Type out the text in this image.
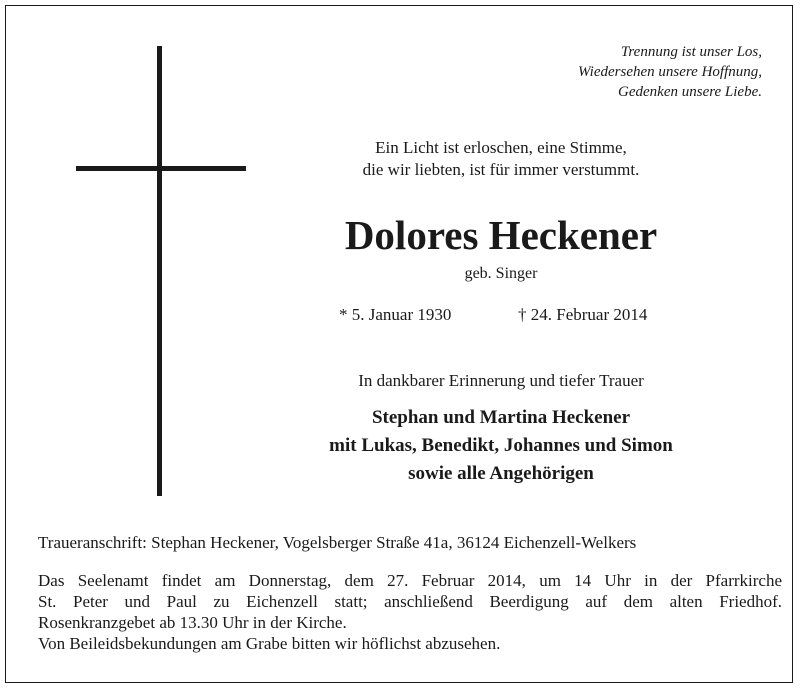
Trennung ist unser Los,
Wiedersehen unsere Hoffnung,
Gedenken unsere Liebe.
Ein Licht ist erloschen, eine Stimme,
die wir liebten, ist für immer verstummt.
Dolores Heckener
geb. Singer
* 5. Januar 1930	† 24. Februar 2014
In dankbarer Erinnerung und tiefer Trauer
Stephan und Martina Heckener
mit Lukas, Benedikt, Johannes und Simon
sowie alle Angehörigen
Traueranschrift: Stephan Heckener, Vogelsberger Straße 41a, 36124 Eichenzell-Welkers
Das Seelenamt findet am Donnerstag, dem 27. Februar 2014, um 14 Uhr in der Pfarrkirche
St. Peter und Paul zu Eichenzell statt; anschließend Beerdigung auf dem alten Friedhof.
Rosenkranzgebet ab 13.30 Uhr in der Kirche.
Von Beileidsbekundungen am Grabe bitten wir höflichst abzusehen.
